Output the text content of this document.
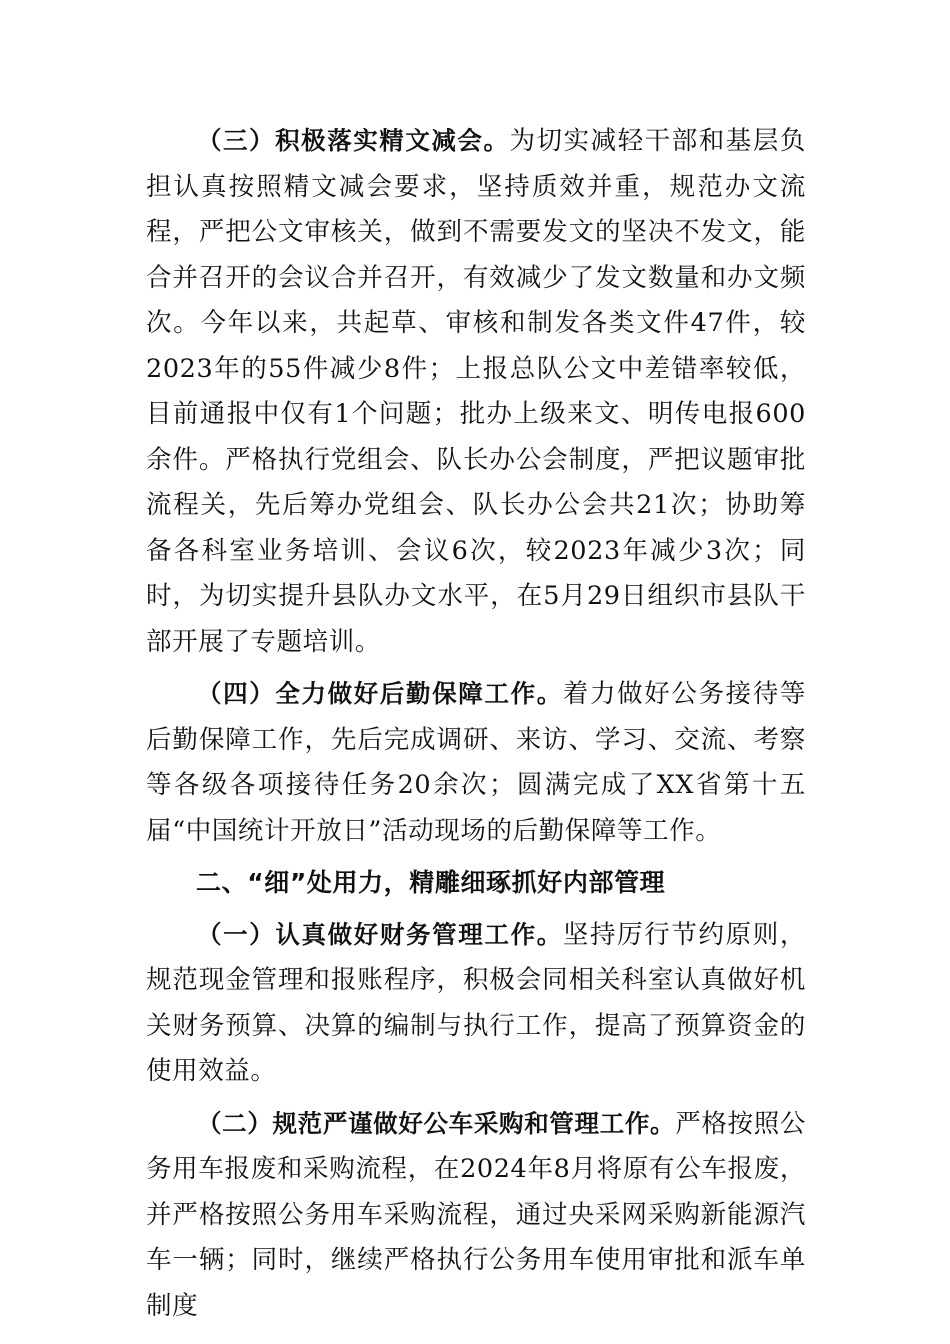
（三）积极落实精文减会。为切实减轻干部和基层负担认真按照精文减会要求，坚持质效并重，规范办文流程，严把公文审核关，做到不需要发文的坚决不发文，能合并召开的会议合并召开，有效减少了发文数量和办文频次。今年以来，共起草、审核和制发各类文件47件，较2023年的55件减少8件；上报总队公文中差错率较低，目前通报中仅有1个问题；批办上级来文、明传电报600余件。严格执行党组会、队长办公会制度，严把议题审批流程关，先后筹办党组会、队长办公会共21次；协助筹备各科室业务培训、会议6次，较2023年减少3次；同时，为切实提升县队办文水平，在5月29日组织市县队干部开展了专题培训。

（四）全力做好后勤保障工作。着力做好公务接待等后勤保障工作，先后完成调研、来访、学习、交流、考察等各级各项接待任务20余次；圆满完成了XX省第十五届“中国统计开放日”活动现场的后勤保障等工作。

二、“细”处用力，精雕细琢抓好内部管理

（一）认真做好财务管理工作。坚持厉行节约原则，规范现金管理和报账程序，积极会同相关科室认真做好机关财务预算、决算的编制与执行工作，提高了预算资金的使用效益。

（二）规范严谨做好公车采购和管理工作。严格按照公务用车报废和采购流程，在2024年8月将原有公车报废，并严格按照公务用车采购流程，通过央采网采购新能源汽车一辆；同时，继续严格执行公务用车使用审批和派车单制度
